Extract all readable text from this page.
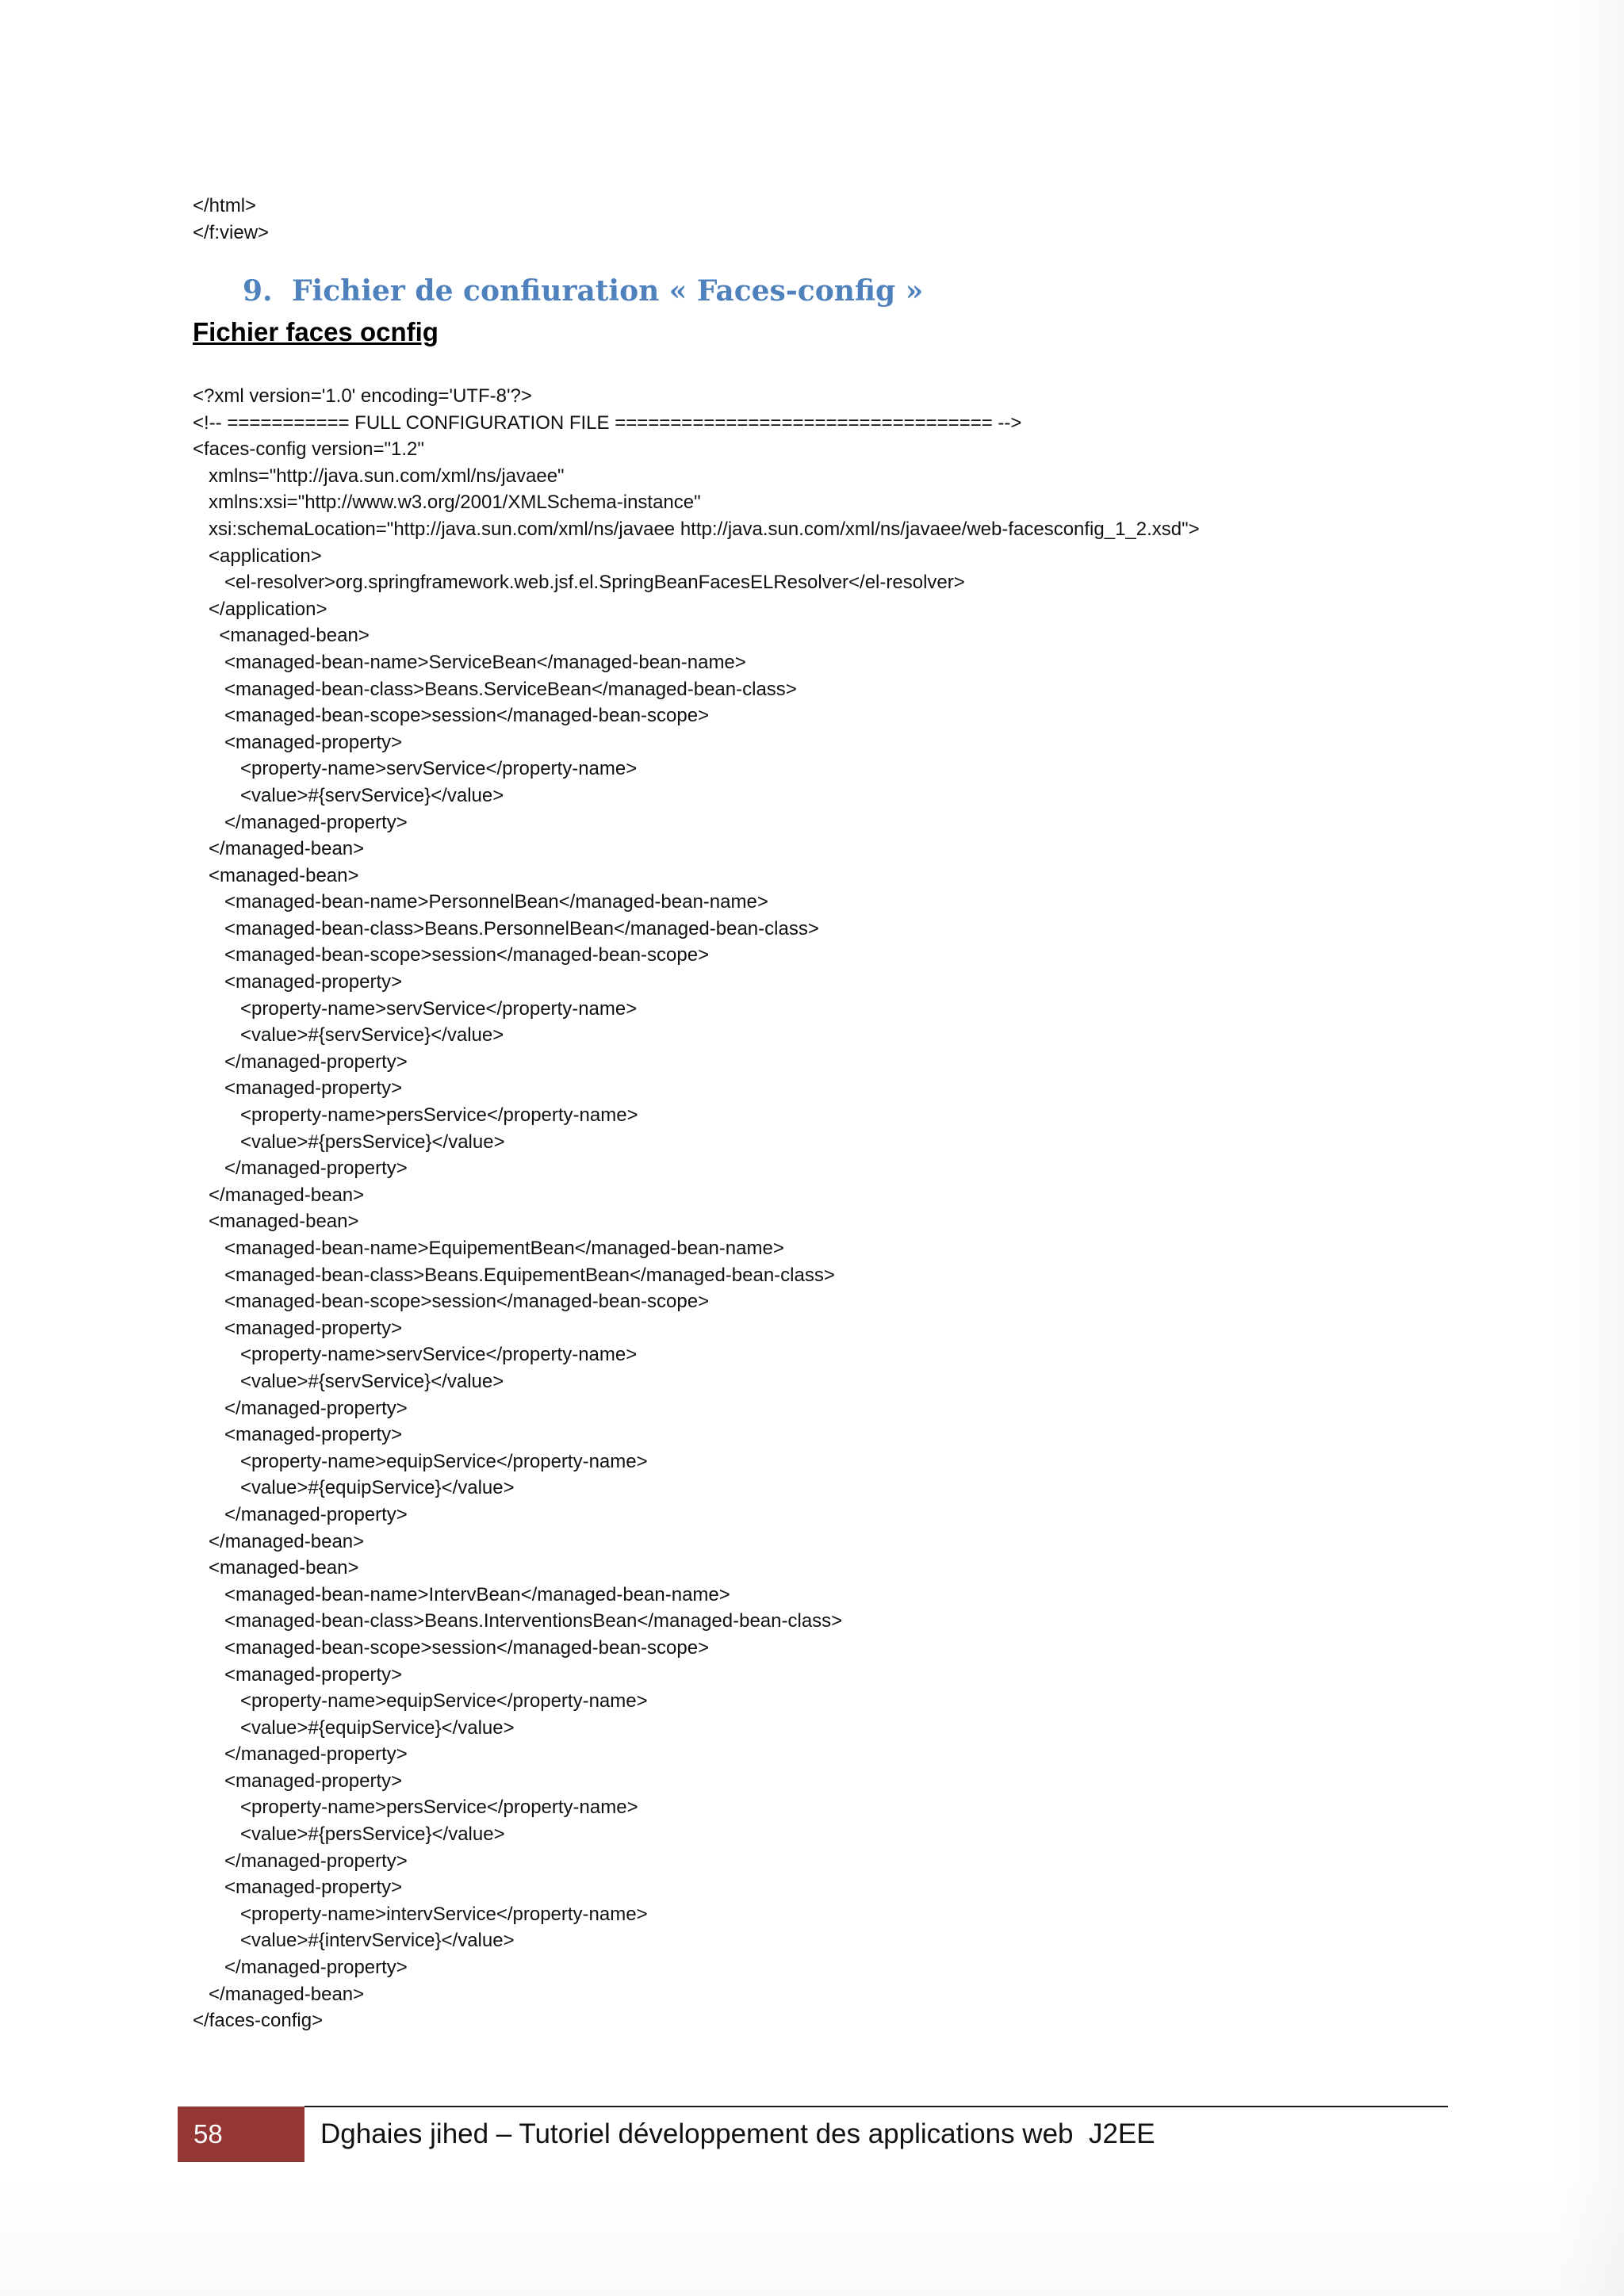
</html>
</f:view>
9. Fichier de confiuration « Faces-config »
Fichier faces ocnfig
<?xml version='1.0' encoding='UTF-8'?>
<!-- =========== FULL CONFIGURATION FILE ================================== -->
<faces-config version="1.2"
xmlns="http://java.sun.com/xml/ns/javaee"
xmlns:xsi="http://www.w3.org/2001/XMLSchema-instance"
xsi:schemaLocation="http://java.sun.com/xml/ns/javaee http://java.sun.com/xml/ns/javaee/web-facesconfig_1_2.xsd">
<application>
<el-resolver>org.springframework.web.jsf.el.SpringBeanFacesELResolver</el-resolver>
</application>
<managed-bean>
<managed-bean-name>ServiceBean</managed-bean-name>
<managed-bean-class>Beans.ServiceBean</managed-bean-class>
<managed-bean-scope>session</managed-bean-scope>
<managed-property>
<property-name>servService</property-name>
<value>#{servService}</value>
</managed-property>
</managed-bean>
<managed-bean>
<managed-bean-name>PersonnelBean</managed-bean-name>
<managed-bean-class>Beans.PersonnelBean</managed-bean-class>
<managed-bean-scope>session</managed-bean-scope>
<managed-property>
<property-name>servService</property-name>
<value>#{servService}</value>
</managed-property>
<managed-property>
<property-name>persService</property-name>
<value>#{persService}</value>
</managed-property>
</managed-bean>
<managed-bean>
<managed-bean-name>EquipementBean</managed-bean-name>
<managed-bean-class>Beans.EquipementBean</managed-bean-class>
<managed-bean-scope>session</managed-bean-scope>
<managed-property>
<property-name>servService</property-name>
<value>#{servService}</value>
</managed-property>
<managed-property>
<property-name>equipService</property-name>
<value>#{equipService}</value>
</managed-property>
</managed-bean>
<managed-bean>
<managed-bean-name>IntervBean</managed-bean-name>
<managed-bean-class>Beans.InterventionsBean</managed-bean-class>
<managed-bean-scope>session</managed-bean-scope>
<managed-property>
<property-name>equipService</property-name>
<value>#{equipService}</value>
</managed-property>
<managed-property>
<property-name>persService</property-name>
<value>#{persService}</value>
</managed-property>
<managed-property>
<property-name>intervService</property-name>
<value>#{intervService}</value>
</managed-property>
</managed-bean>
</faces-config>
58	Dghaies jihed – Tutoriel développement des applications web  J2EE
